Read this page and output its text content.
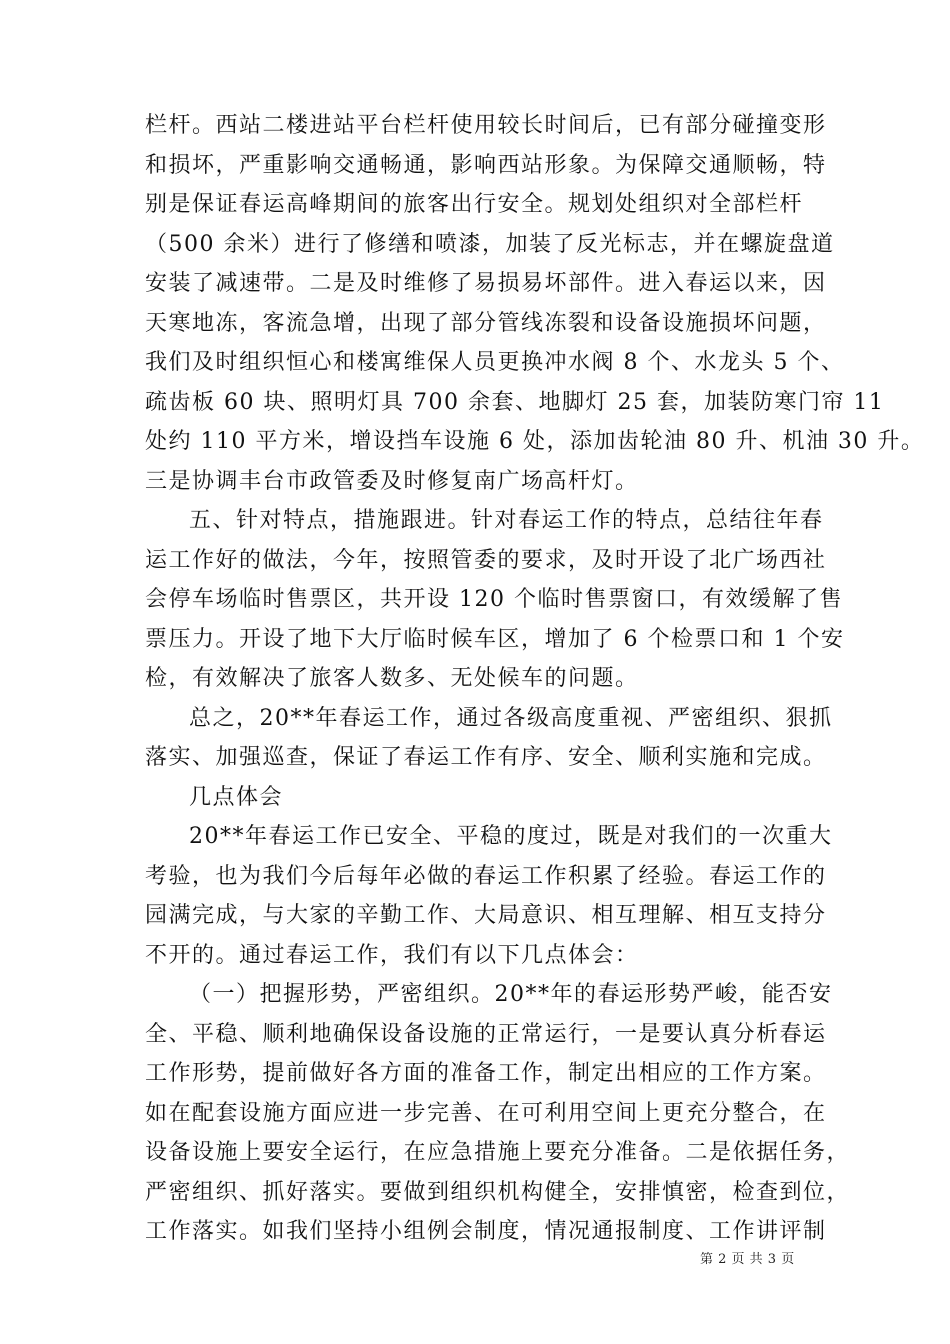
栏杆。西站二楼进站平台栏杆使用较长时间后，已有部分碰撞变形
和损坏，严重影响交通畅通，影响西站形象。为保障交通顺畅，特
别是保证春运高峰期间的旅客出行安全。规划处组织对全部栏杆
（500 余米）进行了修缮和喷漆，加装了反光标志，并在螺旋盘道
安装了减速带。二是及时维修了易损易坏部件。进入春运以来，因
天寒地冻，客流急增，出现了部分管线冻裂和设备设施损坏问题，
我们及时组织恒心和楼寓维保人员更换冲水阀 8 个、水龙头 5 个、
疏齿板 60 块、照明灯具 700 余套、地脚灯 25 套，加装防寒门帘 11
处约 110 平方米，增设挡车设施 6 处，添加齿轮油 80 升、机油 30 升。
三是协调丰台市政管委及时修复南广场高杆灯。
五、针对特点，措施跟进。针对春运工作的特点，总结往年春
运工作好的做法，今年，按照管委的要求，及时开设了北广场西社
会停车场临时售票区，共开设 120 个临时售票窗口，有效缓解了售
票压力。开设了地下大厅临时候车区，增加了 6 个检票口和 1 个安
检，有效解决了旅客人数多、无处候车的问题。
总之，20**年春运工作，通过各级高度重视、严密组织、狠抓
落实、加强巡查，保证了春运工作有序、安全、顺利实施和完成。
几点体会
20**年春运工作已安全、平稳的度过，既是对我们的一次重大
考验，也为我们今后每年必做的春运工作积累了经验。春运工作的
园满完成，与大家的辛勤工作、大局意识、相互理解、相互支持分
不开的。通过春运工作，我们有以下几点体会：
（一）把握形势，严密组织。20**年的春运形势严峻，能否安
全、平稳、顺利地确保设备设施的正常运行，一是要认真分析春运
工作形势，提前做好各方面的准备工作，制定出相应的工作方案。
如在配套设施方面应进一步完善、在可利用空间上更充分整合，在
设备设施上要安全运行，在应急措施上要充分准备。二是依据任务，
严密组织、抓好落实。要做到组织机构健全，安排慎密，检查到位，
工作落实。如我们坚持小组例会制度，情况通报制度、工作讲评制
第 2 页 共 3 页
